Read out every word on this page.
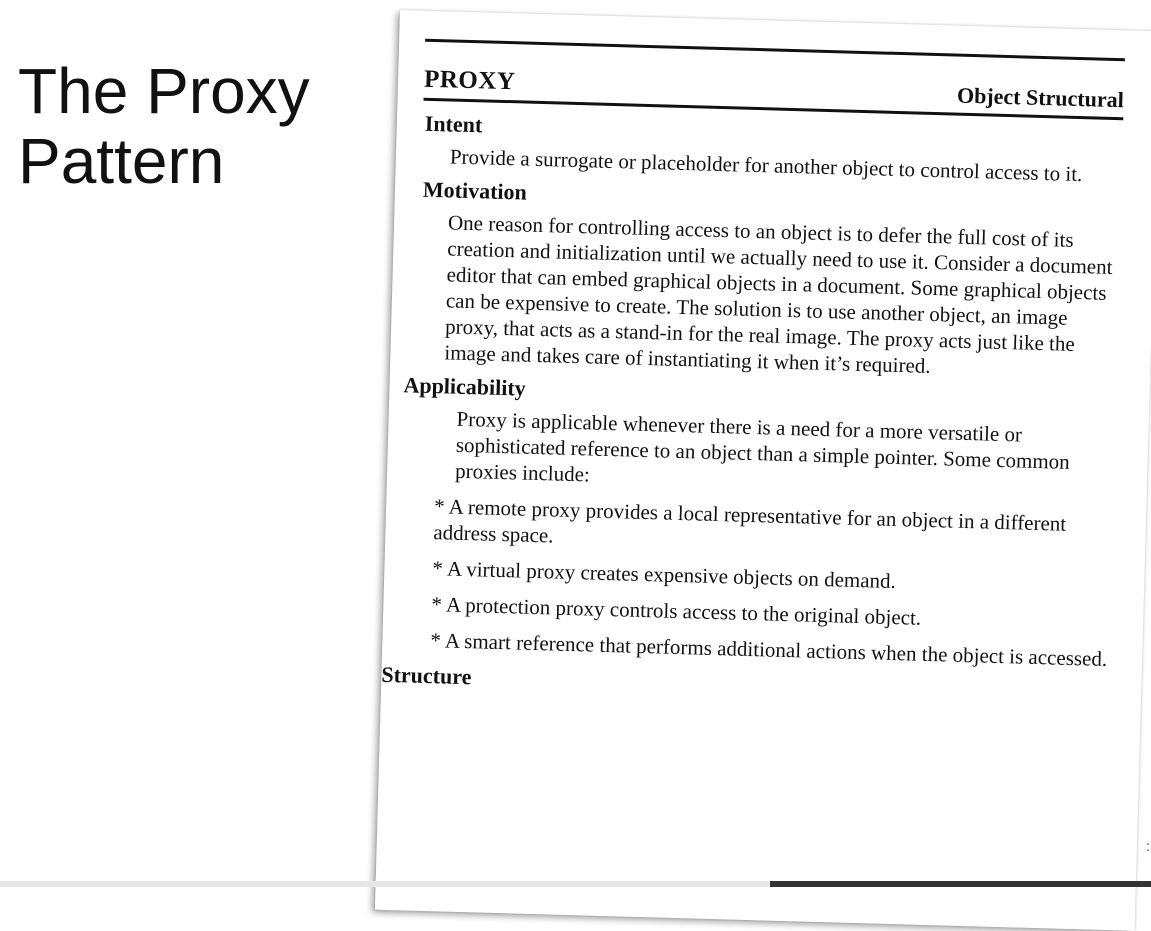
The Proxy
Pattern
PROXY
Object Structural
Intent

Provide a surrogate or placeholder for another object to control access to it.

Motivation

One reason for controlling access to an object is to defer the full cost of its creation and initialization until we actually need to use it. Consider a document editor that can embed graphical objects in a document. Some graphical objects can be expensive to create. The solution is to use another object, an image proxy, that acts as a stand-in for the real image. The proxy acts just like the image and takes care of instantiating it when it’s required.

Applicability

Proxy is applicable whenever there is a need for a more versatile or sophisticated reference to an object than a simple pointer. Some common proxies include:

* A remote proxy provides a local representative for an object in a different address space.

* A virtual proxy creates expensive objects on demand.

* A protection proxy controls access to the original object.

* A smart reference that performs additional actions when the object is accessed.

Structure
:
